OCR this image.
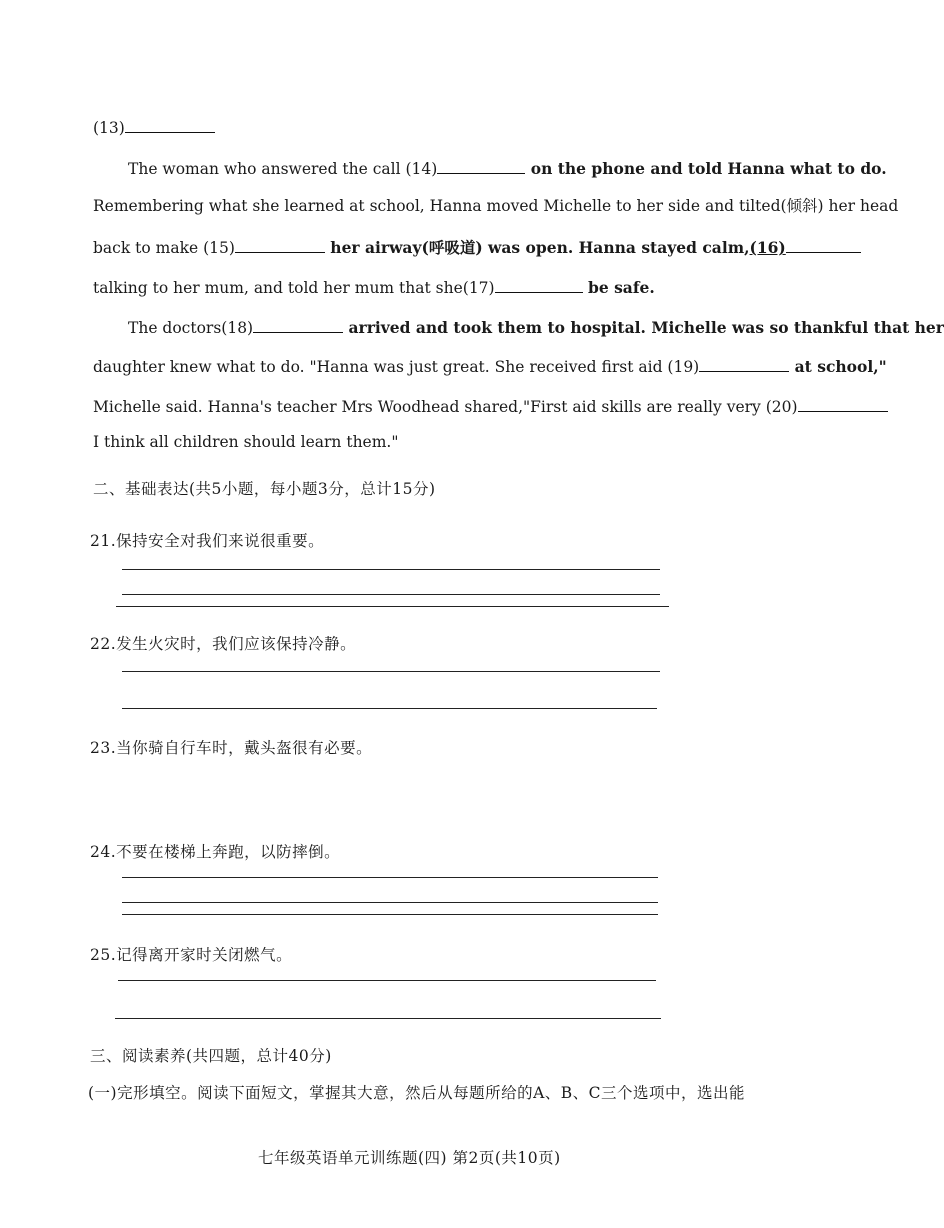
(13)
The woman who answered the call (14)	on the phone and told Hanna what to do.
Remembering what she learned at school, Hanna moved Michelle to her side and tilted(倾斜) her head
back to make (15)	her airway(呼吸道) was open. Hanna stayed calm,(16)
talking to her mum, and told her mum that she(17)	be safe.
The doctors(18)	arrived and took them to hospital. Michelle was so thankful that her
daughter knew what to do. "Hanna was just great. She received first aid (19)	at school,"
Michelle said. Hanna's teacher Mrs Woodhead shared,"First aid skills are really very (20)
I think all children should learn them."
二、基础表达(共5小题，每小题3分，总计15分)
21.保持安全对我们来说很重要。
22.发生火灾时，我们应该保持冷静。
23.当你骑自行车时，戴头盔很有必要。
24.不要在楼梯上奔跑，以防摔倒。
25.记得离开家时关闭燃气。
三、阅读素养(共四题，总计40分)
(一)完形填空。阅读下面短文，掌握其大意，然后从每题所给的A、B、C三个选项中，选出能
七年级英语单元训练题(四) 第2页(共10页)
